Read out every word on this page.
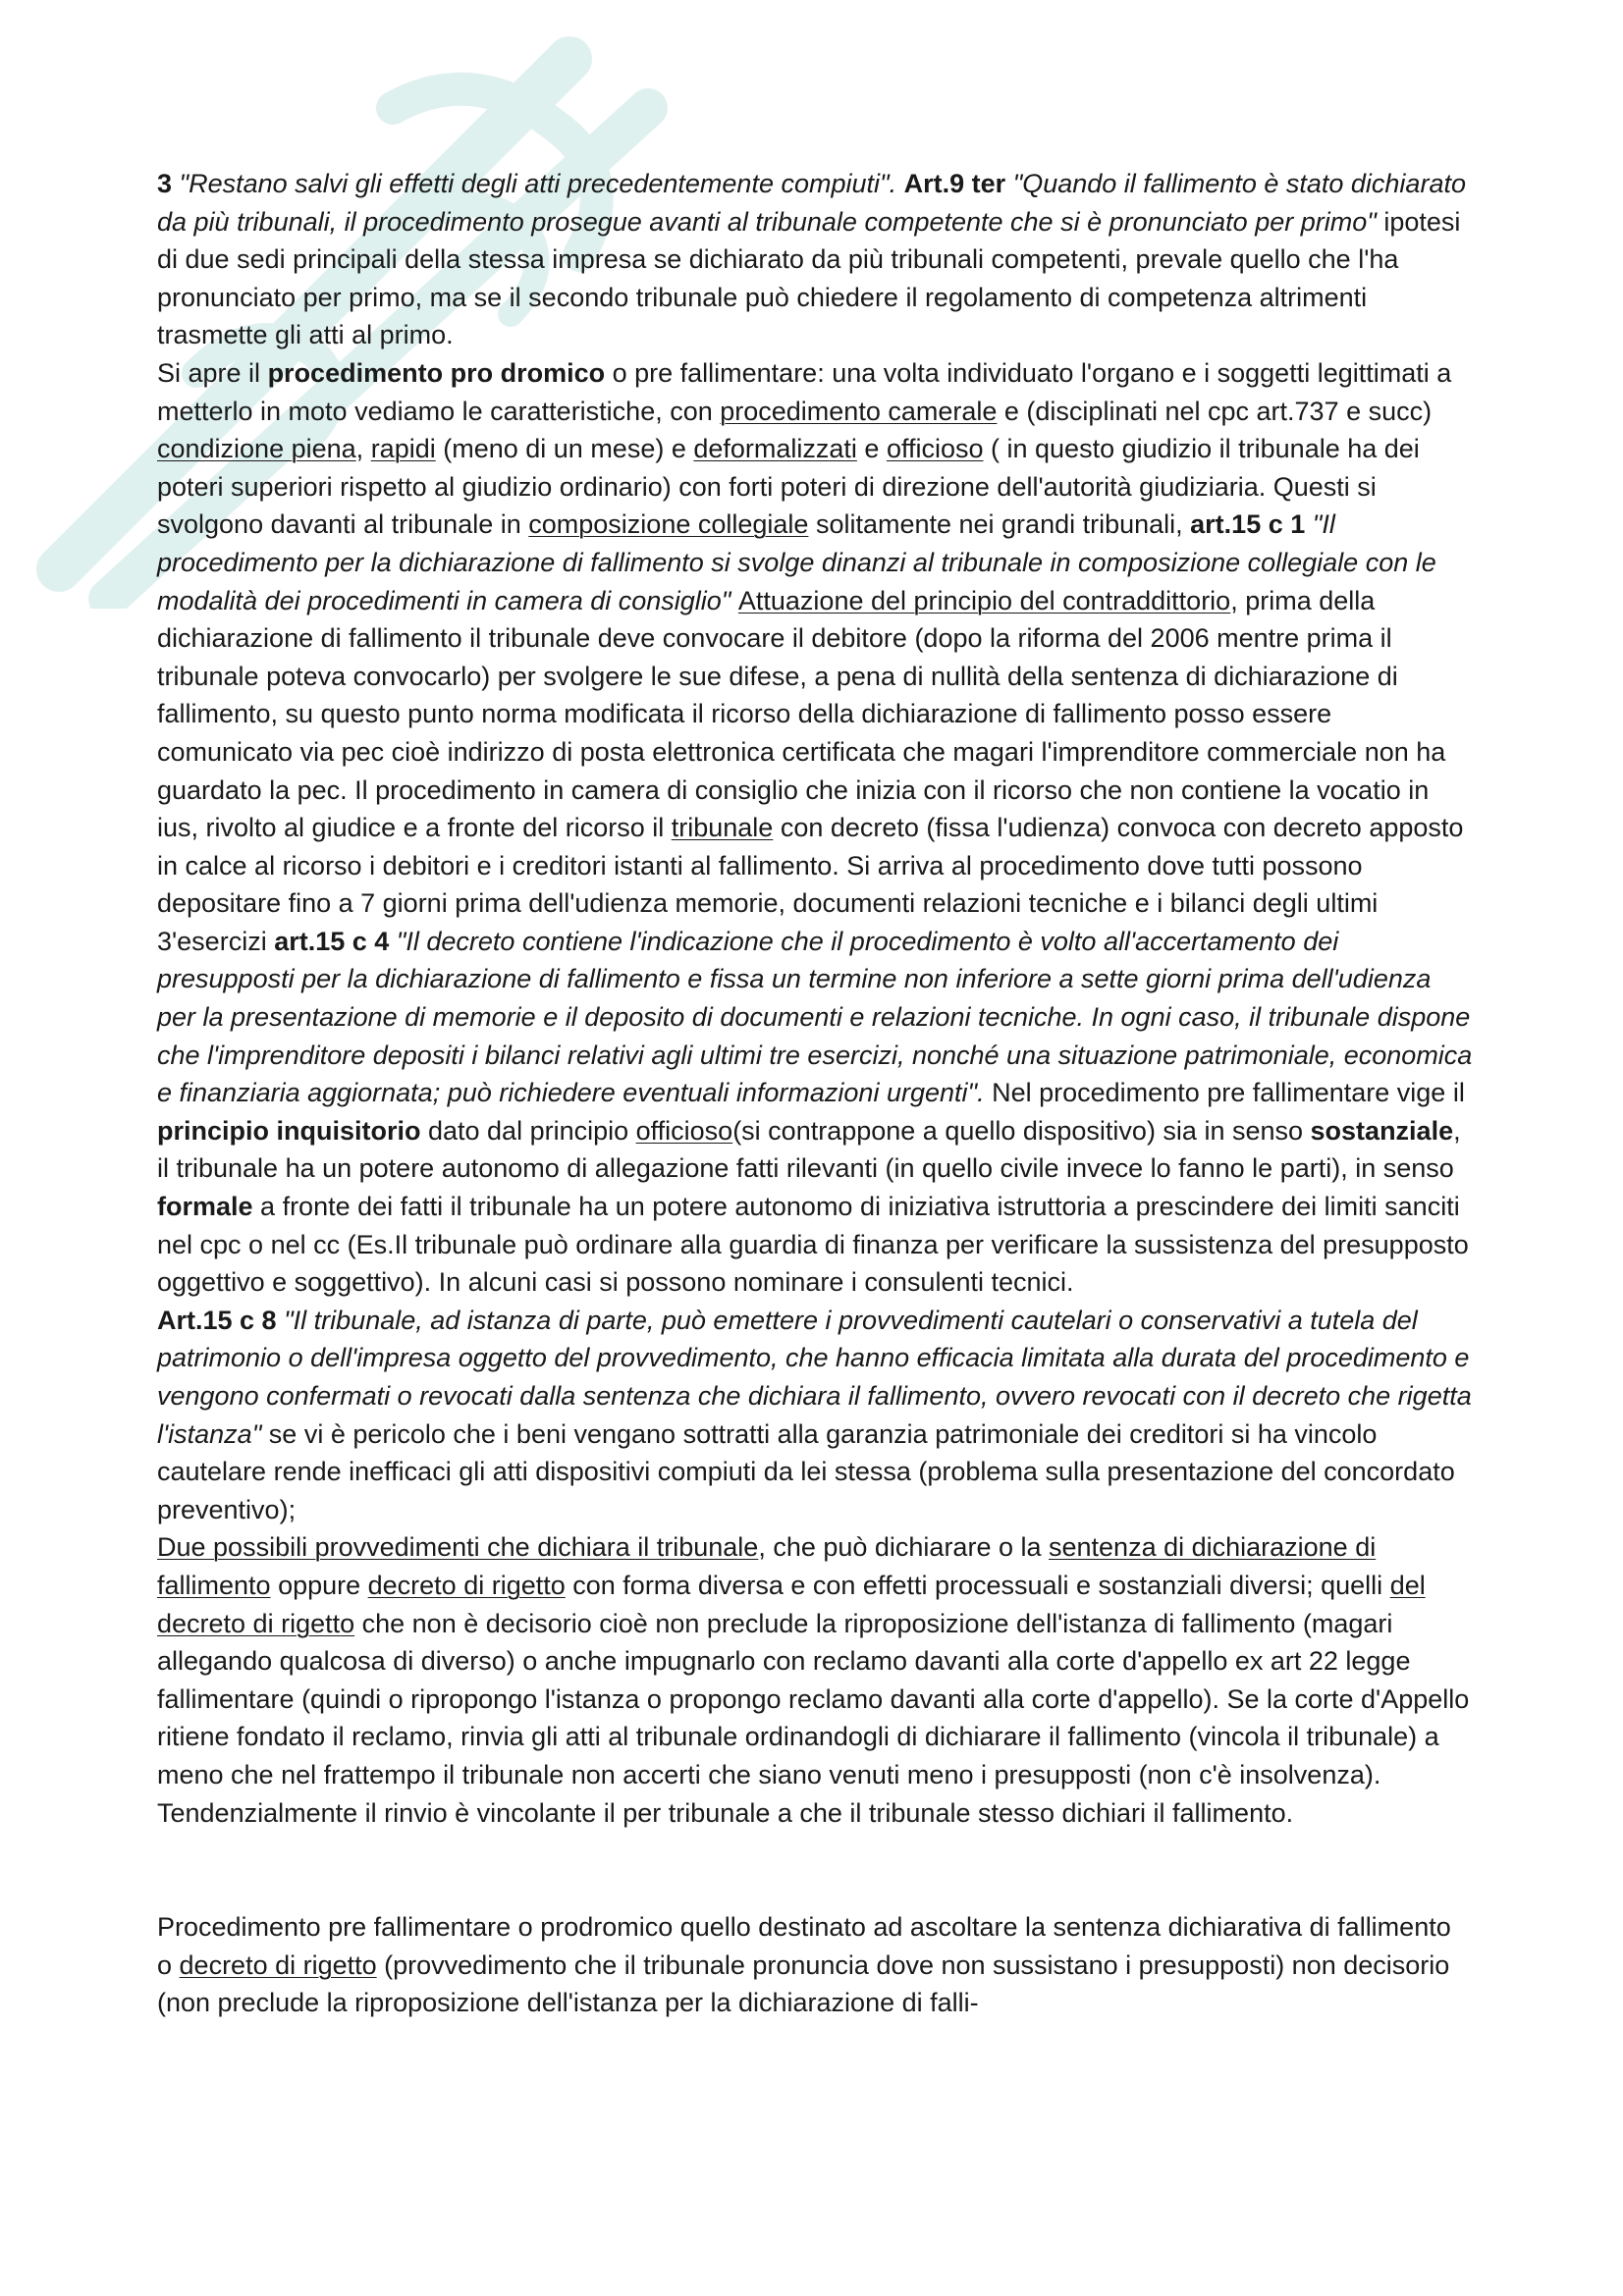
3 "Restano salvi gli effetti degli atti precedentemente compiuti". Art.9 ter "Quando il fallimento è stato dichiarato da più tribunali, il procedimento prosegue avanti al tribunale competente che si è pronunciato per primo" ipotesi di due sedi principali della stessa impresa se dichiarato da più tribunali competenti, prevale quello che l'ha pronunciato per primo, ma se il secondo tribunale può chiedere il regolamento di competenza altrimenti trasmette gli atti al primo.

Si apre il procedimento pro dromico o pre fallimentare: una volta individuato l'organo e i soggetti legittimati a metterlo in moto vediamo le caratteristiche, con procedimento camerale e (disciplinati nel cpc art.737 e succ) condizione piena, rapidi (meno di un mese) e deformalizzati e officioso ( in questo giudizio il tribunale ha dei poteri superiori rispetto al giudizio ordinario) con forti poteri di direzione dell'autorità giudiziaria. Questi si svolgono davanti al tribunale in composizione collegiale solitamente nei grandi tribunali, art.15 c 1 "Il procedimento per la dichiarazione di fallimento si svolge dinanzi al tribunale in composizione collegiale con le modalità dei procedimenti in camera di consiglio" Attuazione del principio del contraddittorio, prima della dichiarazione di fallimento il tribunale deve convocare il debitore (dopo la riforma del 2006 mentre prima il tribunale poteva convocarlo) per svolgere le sue difese, a pena di nullità della sentenza di dichiarazione di fallimento, su questo punto norma modificata il ricorso della dichiarazione di fallimento posso essere comunicato via pec cioè indirizzo di posta elettronica certificata che magari l'imprenditore commerciale non ha guardato la pec. Il procedimento in camera di consiglio che inizia con il ricorso che non contiene la vocatio in ius, rivolto al giudice e a fronte del ricorso il tribunale con decreto (fissa l'udienza) convoca con decreto apposto in calce al ricorso i debitori e i creditori istanti al fallimento. Si arriva al procedimento dove tutti possono depositare fino a 7 giorni prima dell'udienza memorie, documenti relazioni tecniche e i bilanci degli ultimi 3'esercizi art.15 c 4 "Il decreto contiene l'indicazione che il procedimento è volto all'accertamento dei presupposti per la dichiarazione di fallimento e fissa un termine non inferiore a sette giorni prima dell'udienza per la presentazione di memorie e il deposito di documenti e relazioni tecniche. In ogni caso, il tribunale dispone che l'imprenditore depositi i bilanci relativi agli ultimi tre esercizi, nonché una situazione patrimoniale, economica e finanziaria aggiornata; può richiedere eventuali informazioni urgenti". Nel procedimento pre fallimentare vige il principio inquisitorio dato dal principio officioso(si contrappone a quello dispositivo) sia in senso sostanziale, il tribunale ha un potere autonomo di allegazione fatti rilevanti (in quello civile invece lo fanno le parti), in senso formale a fronte dei fatti il tribunale ha un potere autonomo di iniziativa istruttoria a prescindere dei limiti sanciti nel cpc o nel cc (Es.Il tribunale può ordinare alla guardia di finanza per verificare la sussistenza del presupposto oggettivo e soggettivo). In alcuni casi si possono nominare i consulenti tecnici.

Art.15 c 8 "Il tribunale, ad istanza di parte, può emettere i provvedimenti cautelari o conservativi a tutela del patrimonio o dell'impresa oggetto del provvedimento, che hanno efficacia limitata alla durata del procedimento e vengono confermati o revocati dalla sentenza che dichiara il fallimento, ovvero revocati con il decreto che rigetta l'istanza" se vi è pericolo che i beni vengano sottratti alla garanzia patrimoniale dei creditori si ha vincolo cautelare rende inefficaci gli atti dispositivi compiuti da lei stessa (problema sulla presentazione del concordato preventivo);

Due possibili provvedimenti che dichiara il tribunale, che può dichiarare o la sentenza di dichiarazione di fallimento oppure decreto di rigetto con forma diversa e con effetti processuali e sostanziali diversi; quelli del decreto di rigetto che non è decisorio cioè non preclude la riproposizione dell'istanza di fallimento (magari allegando qualcosa di diverso) o anche impugnarlo con reclamo davanti alla corte d'appello ex art 22 legge fallimentare (quindi o ripropongo l'istanza o propongo reclamo davanti alla corte d'appello). Se la corte d'Appello ritiene fondato il reclamo, rinvia gli atti al tribunale ordinandogli di dichiarare il fallimento (vincola il tribunale) a meno che nel frattempo il tribunale non accerti che siano venuti meno i presupposti (non c'è insolvenza). Tendenzialmente il rinvio è vincolante il per tribunale a che il tribunale stesso dichiari il fallimento.

Procedimento pre fallimentare o prodromico quello destinato ad ascoltare la sentenza dichiarativa di fallimento o decreto di rigetto (provvedimento che il tribunale pronuncia dove non sussistano i presupposti) non decisorio (non preclude la riproposizione dell'istanza per la dichiarazione di falli-
